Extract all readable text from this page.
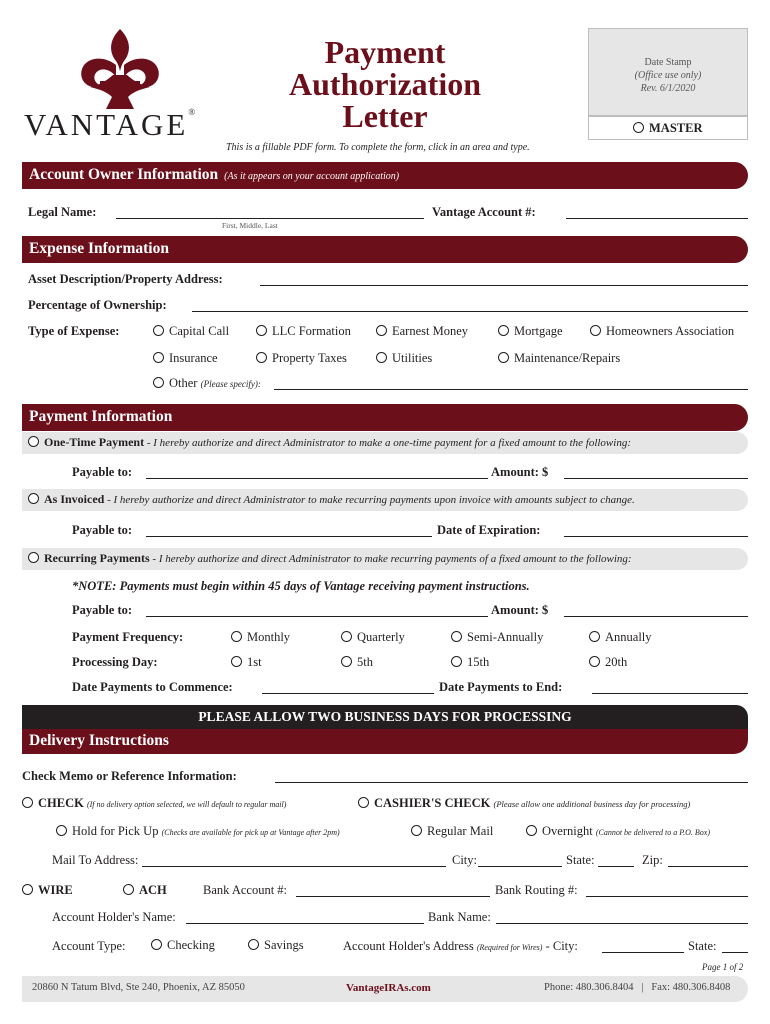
VANTAGE®
Payment
Authorization
Letter
Date Stamp
(Office use only)
Rev. 6/1/2020
MASTER
This is a fillable PDF form. To complete the form, click in an area and type.
Account Owner Information (As it appears on your account application)
Legal Name:
First, Middle, Last
Vantage Account #:
Expense Information
Asset Description/Property Address:
Percentage of Ownership:
Type of Expense:	Capital Call	LLC Formation	Earnest Money	Mortgage	Homeowners Association
Insurance	Property Taxes	Utilities	Maintenance/Repairs
Other (Please specify):
Payment Information
One-Time Payment - I hereby authorize and direct Administrator to make a one-time payment for a fixed amount to the following:
Payable to:	Amount: $
As Invoiced - I hereby authorize and direct Administrator to make recurring payments upon invoice with amounts subject to change.
Payable to:	Date of Expiration:
Recurring Payments - I hereby authorize and direct Administrator to make recurring payments of a fixed amount to the following:
*NOTE: Payments must begin within 45 days of Vantage receiving payment instructions.
Payable to:	Amount: $
Payment Frequency:	Monthly	Quarterly	Semi-Annually	Annually
Processing Day:	1st	5th	15th	20th
Date Payments to Commence:	Date Payments to End:
PLEASE ALLOW TWO BUSINESS DAYS FOR PROCESSING
Delivery Instructions
Check Memo or Reference Information:
CHECK (If no delivery option selected, we will default to regular mail)	CASHIER'S CHECK (Please allow one additional business day for processing)
Hold for Pick Up (Checks are available for pick up at Vantage after 2pm)	Regular Mail	Overnight (Cannot be delivered to a P.O. Box)
Mail To Address:	City:	State:	Zip:
WIRE	ACH	Bank Account #:	Bank Routing #:
Account Holder's Name:	Bank Name:
Account Type:	Checking	Savings	Account Holder's Address (Required for Wires) - City:	State:
Page 1 of 2
20860 N Tatum Blvd, Ste 240, Phoenix, AZ 85050	VantageIRAs.com	Phone: 480.306.8404   |   Fax: 480.306.8408
